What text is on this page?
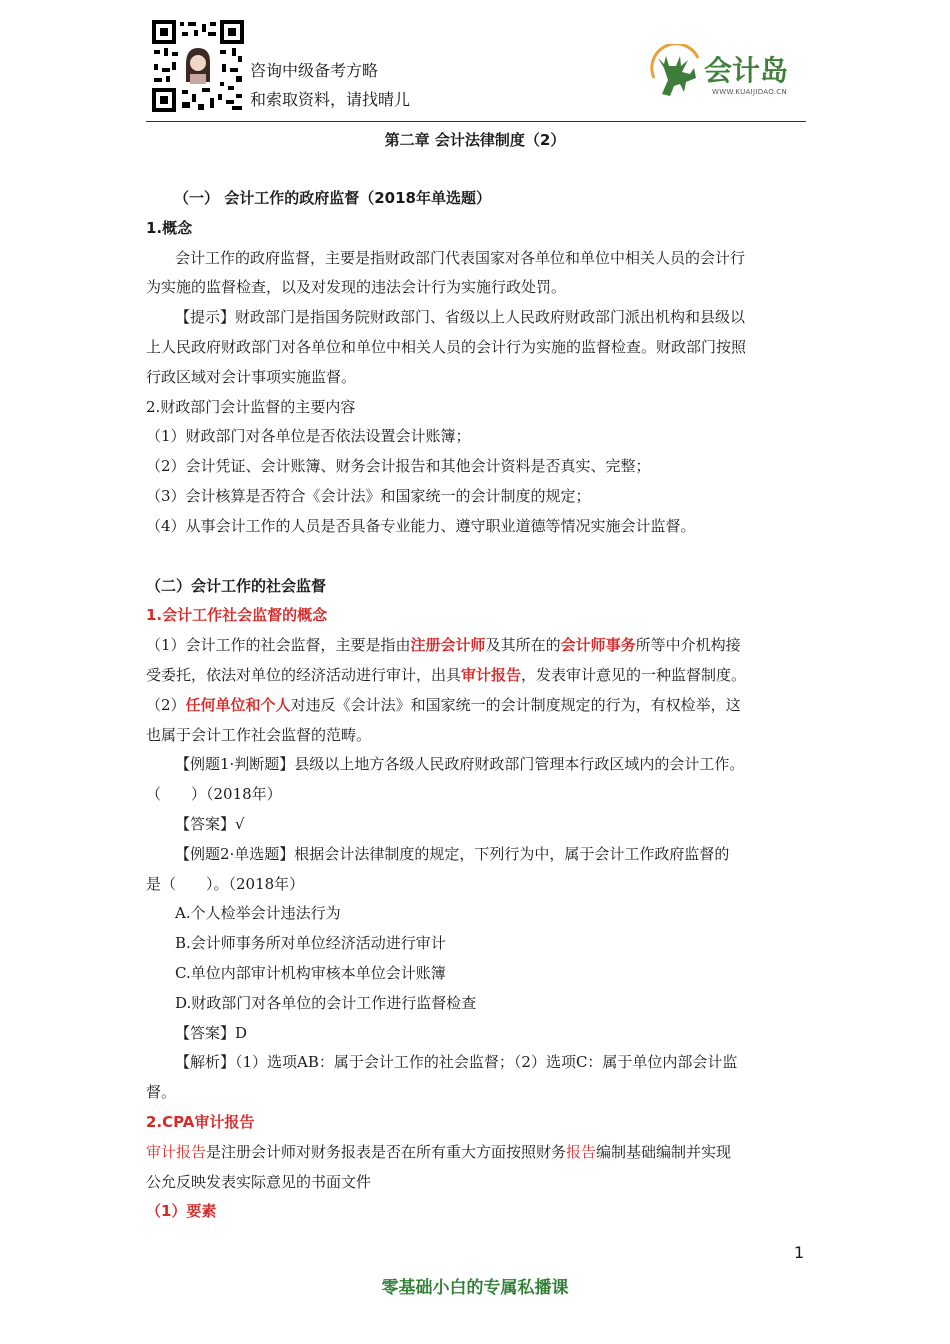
咨询中级备考方略
和索取资料，请找晴儿
会计岛
WWW.KUAIJIDAO.CN
第二章 会计法律制度（2）

（一） 会计工作的政府监督（2018年单选题）

1.概念

会计工作的政府监督，主要是指财政部门代表国家对各单位和单位中相关人员的会计行

为实施的监督检查，以及对发现的违法会计行为实施行政处罚。

【提示】财政部门是指国务院财政部门、省级以上人民政府财政部门派出机构和县级以

上人民政府财政部门对各单位和单位中相关人员的会计行为实施的监督检查。财政部门按照

行政区域对会计事项实施监督。

2.财政部门会计监督的主要内容

（1）财政部门对各单位是否依法设置会计账簿；

（2）会计凭证、会计账簿、财务会计报告和其他会计资料是否真实、完整；

（3）会计核算是否符合《会计法》和国家统一的会计制度的规定；

（4）从事会计工作的人员是否具备专业能力、遵守职业道德等情况实施会计监督。

（二）会计工作的社会监督

1.会计工作社会监督的概念

（1）会计工作的社会监督，主要是指由注册会计师及其所在的会计师事务所等中介机构接

受委托，依法对单位的经济活动进行审计，出具审计报告，发表审计意见的一种监督制度。

（2）任何单位和个人对违反《会计法》和国家统一的会计制度规定的行为，有权检举，这

也属于会计工作社会监督的范畴。

【例题1·判断题】县级以上地方各级人民政府财政部门管理本行政区域内的会计工作。

（　　）（2018年）

【答案】√

【例题2·单选题】根据会计法律制度的规定，下列行为中，属于会计工作政府监督的

是（　　）。（2018年）

A.个人检举会计违法行为

B.会计师事务所对单位经济活动进行审计

C.单位内部审计机构审核本单位会计账簿

D.财政部门对各单位的会计工作进行监督检查

【答案】D

【解析】（1）选项AB：属于会计工作的社会监督；（2）选项C：属于单位内部会计监

督。

2.CPA审计报告

审计报告是注册会计师对财务报表是否在所有重大方面按照财务报告编制基础编制并实现

公允反映发表实际意见的书面文件

（1）要素

1
零基础小白的专属私播课
